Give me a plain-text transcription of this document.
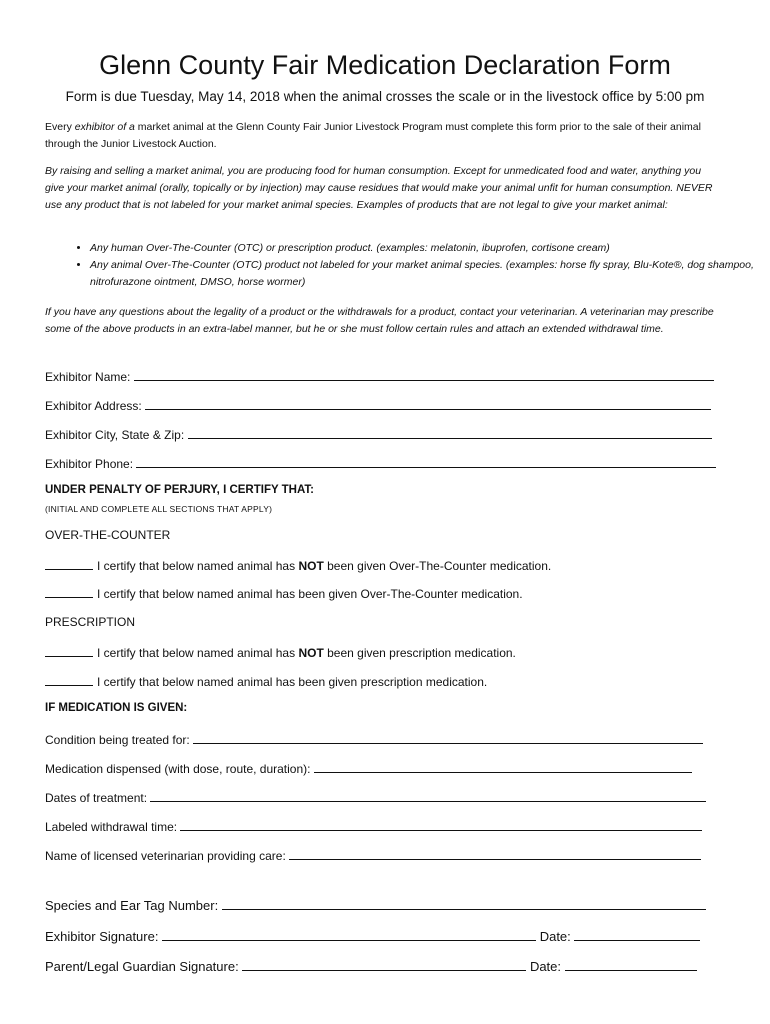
Glenn County Fair Medication Declaration Form
Form is due Tuesday, May 14, 2018 when the animal crosses the scale or in the livestock office by 5:00 pm
Every exhibitor of a market animal at the Glenn County Fair Junior Livestock Program must complete this form prior to the sale of their animal through the Junior Livestock Auction.
By raising and selling a market animal, you are producing food for human consumption. Except for unmedicated food and water, anything you give your market animal (orally, topically or by injection) may cause residues that would make your animal unfit for human consumption. NEVER use any product that is not labeled for your market animal species. Examples of products that are not legal to give your market animal:
• Any human Over-The-Counter (OTC) or prescription product. (examples: melatonin, ibuprofen, cortisone cream)
• Any animal Over-The-Counter (OTC) product not labeled for your market animal species. (examples: horse fly spray, Blu-Kote®, dog shampoo, nitrofurazone ointment, DMSO, horse wormer)
If you have any questions about the legality of a product or the withdrawals for a product, contact your veterinarian. A veterinarian may prescribe some of the above products in an extra-label manner, but he or she must follow certain rules and attach an extended withdrawal time.
Exhibitor Name:
Exhibitor Address:
Exhibitor City, State & Zip:
Exhibitor Phone:
UNDER PENALTY OF PERJURY, I CERTIFY THAT:
(INITIAL AND COMPLETE ALL SECTIONS THAT APPLY)
OVER-THE-COUNTER
I certify that below named animal has NOT been given Over-The-Counter medication.
I certify that below named animal has been given Over-The-Counter medication.
PRESCRIPTION
I certify that below named animal has NOT been given prescription medication.
I certify that below named animal has been given prescription medication.
IF MEDICATION IS GIVEN:
Condition being treated for:
Medication dispensed (with dose, route, duration):
Dates of treatment:
Labeled withdrawal time:
Name of licensed veterinarian providing care:
Species and Ear Tag Number:
Exhibitor Signature:	Date:
Parent/Legal Guardian Signature:	Date:
